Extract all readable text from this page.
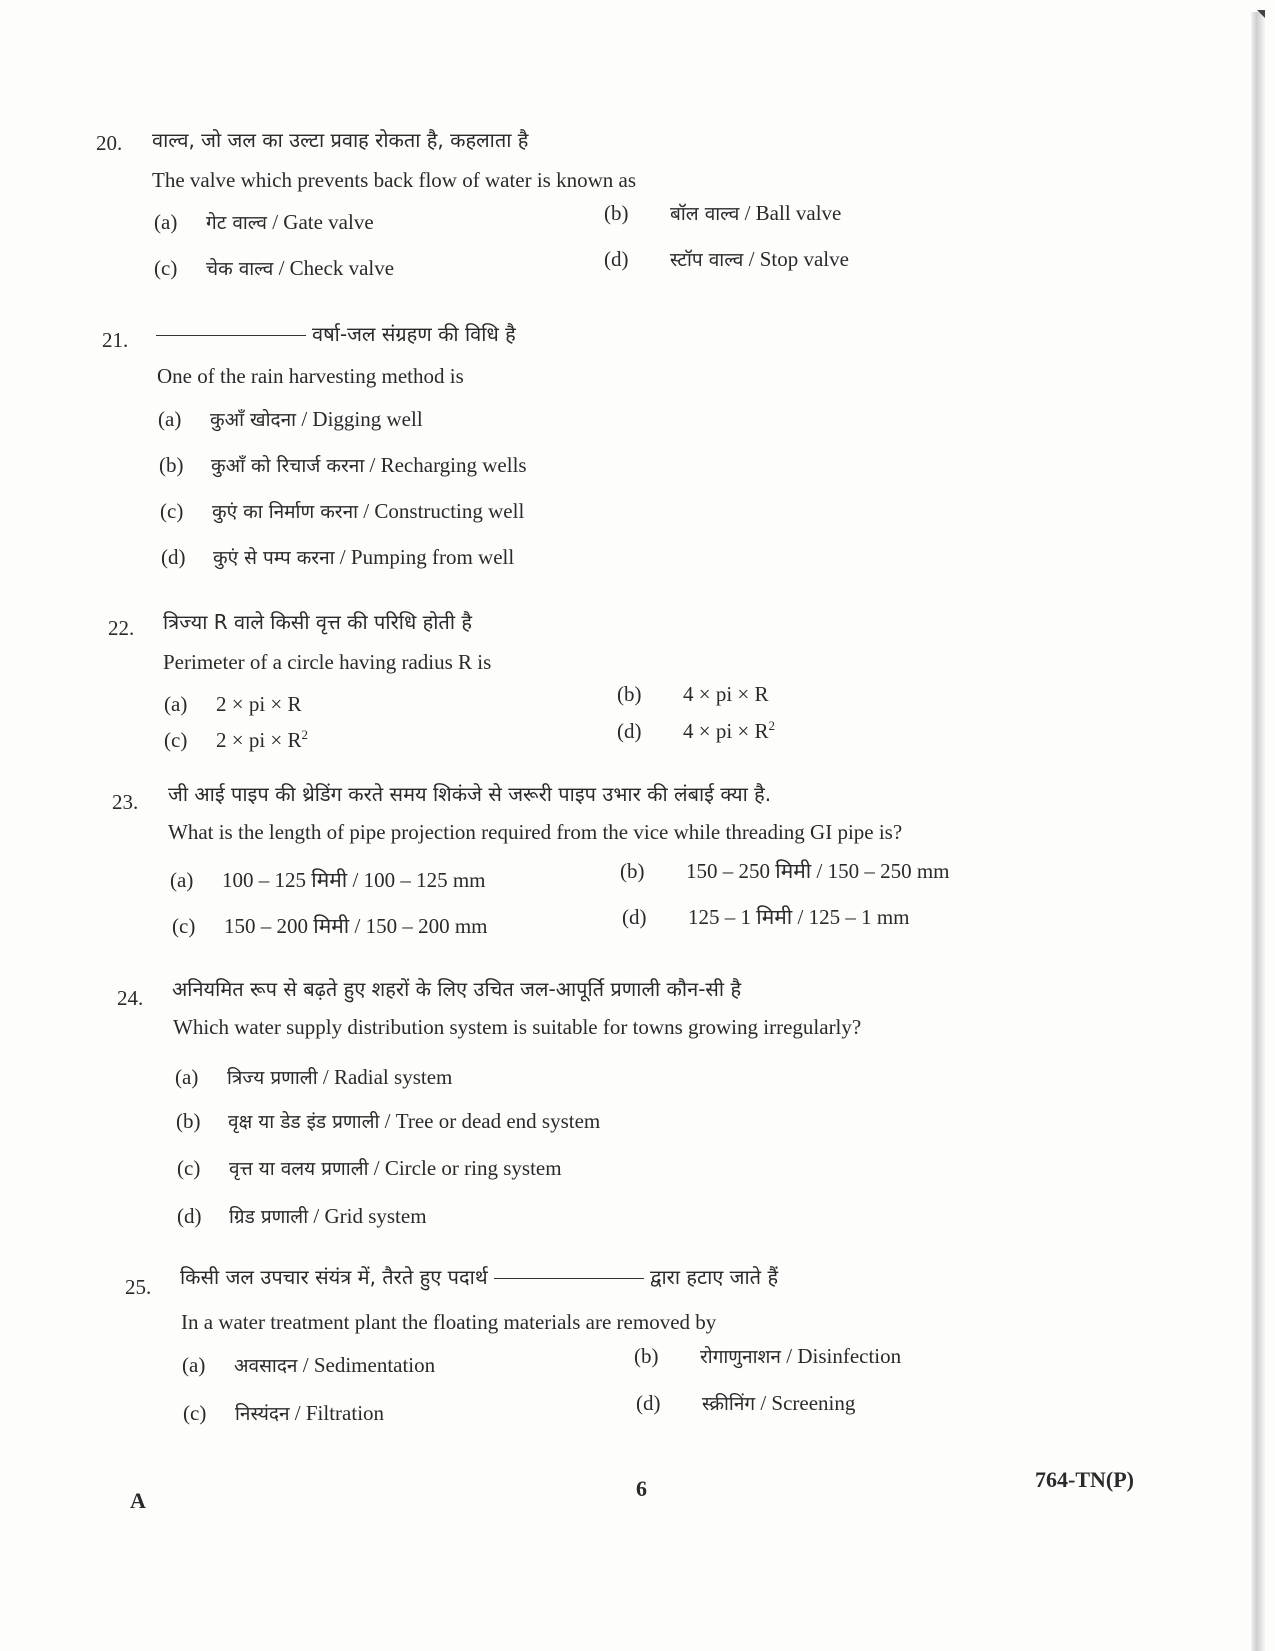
20. वाल्व, जो जल का उल्टा प्रवाह रोकता है, कहलाता है
The valve which prevents back flow of water is known as
(a) गेट वाल्व / Gate valve	(b) बॉल वाल्व / Ball valve
(c) चेक वाल्व / Check valve	(d) स्टॉप वाल्व / Stop valve
21.	वर्षा-जल संग्रहण की विधि है
One of the rain harvesting method is
(a) कुआँ खोदना / Digging well
(b) कुआँ को रिचार्ज करना / Recharging wells
(c) कुएं का निर्माण करना / Constructing well
(d) कुएं से पम्प करना / Pumping from well
22. त्रिज्या R वाले किसी वृत्त की परिधि होती है
Perimeter of a circle having radius R is
(a) 2 × pi × R	(b) 4 × pi × R
(c) 2 × pi × $R^2$	(d) 4 × pi × $R^2$
23. जी आई पाइप की थ्रेडिंग करते समय शिकंजे से जरूरी पाइप उभार की लंबाई क्या है.
What is the length of pipe projection required from the vice while threading GI pipe is?
(a) 100 – 125 मिमी / 100 – 125 mm	(b) 150 – 250 मिमी / 150 – 250 mm
(c) 150 – 200 मिमी / 150 – 200 mm	(d) 125 – 1 मिमी / 125 – 1 mm
24. अनियमित रूप से बढ़ते हुए शहरों के लिए उचित जल-आपूर्ति प्रणाली कौन-सी है
Which water supply distribution system is suitable for towns growing irregularly?
(a) त्रिज्य प्रणाली / Radial system
(b) वृक्ष या डेड इंड प्रणाली / Tree or dead end system
(c) वृत्त या वलय प्रणाली / Circle or ring system
(d) ग्रिड प्रणाली / Grid system
25. किसी जल उपचार संयंत्र में, तैरते हुए पदार्थ	द्वारा हटाए जाते हैं
In a water treatment plant the floating materials are removed by
(a) अवसादन / Sedimentation	(b) रोगाणुनाशन / Disinfection
(c) निस्यंदन / Filtration	(d) स्क्रीनिंग / Screening
A	6	764-TN(P)
